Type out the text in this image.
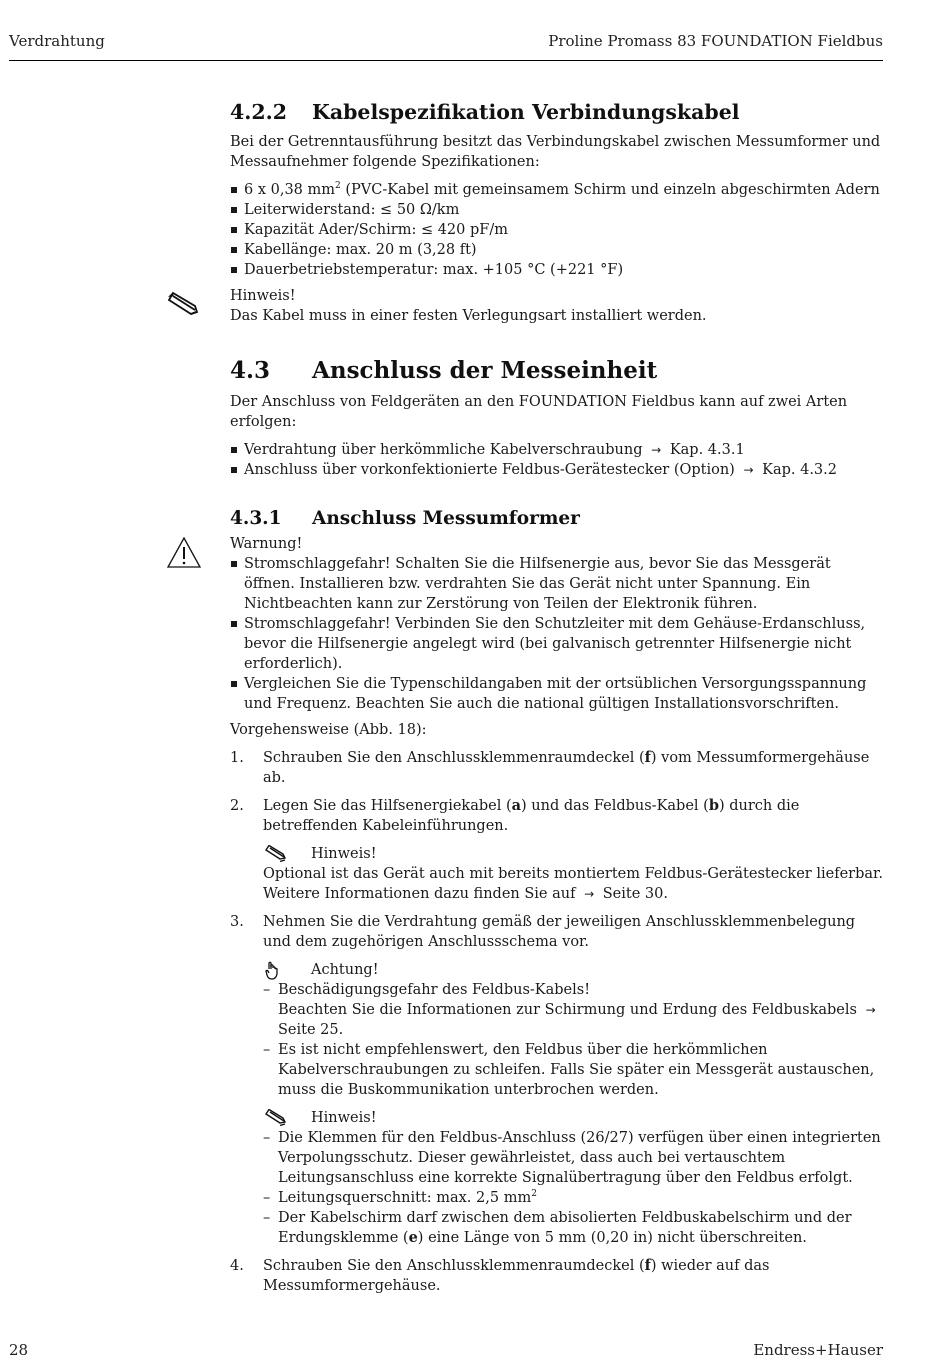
Verdrahtung	Proline Promass 83 FOUNDATION Fieldbus
4.2.2	Kabelspezifikation Verbindungskabel

Bei der Getrenntausführung besitzt das Verbindungskabel zwischen Messumformer und Messaufnehmer folgende Spezifikationen:

6 x 0,38 $mm^2$ (PVC-Kabel mit gemeinsamem Schirm und einzeln abgeschirmten Adern
Leiterwiderstand: ≤ 50 Ω/km
Kapazität Ader/Schirm: ≤ 420 pF/m
Kabellänge: max. 20 m (3,28 ft)
Dauerbetriebstemperatur: max. +105 °C (+221 °F)

Hinweis!

Das Kabel muss in einer festen Verlegungsart installiert werden.

4.3	Anschluss der Messeinheit

Der Anschluss von Feldgeräten an den FOUNDATION Fieldbus kann auf zwei Arten erfolgen:

Verdrahtung über herkömmliche Kabelverschraubung → Kap. 4.3.1
Anschluss über vorkonfektionierte Feldbus-Gerätestecker (Option) → Kap. 4.3.2
4.3.1	Anschluss Messumformer

Warnung!

Stromschlaggefahr! Schalten Sie die Hilfsenergie aus, bevor Sie das Messgerät öffnen. Installieren bzw. verdrahten Sie das Gerät nicht unter Spannung. Ein Nichtbeachten kann zur Zerstörung von Teilen der Elektronik führen.
Stromschlaggefahr! Verbinden Sie den Schutzleiter mit dem Gehäuse-Erdanschluss, bevor die Hilfsenergie angelegt wird (bei galvanisch getrennter Hilfsenergie nicht erforderlich).
Vergleichen Sie die Typenschildangaben mit der ortsüblichen Versorgungsspannung und Frequenz. Beachten Sie auch die national gültigen Installationsvorschriften.

Vorgehensweise (Abb. 18):

1. Schrauben Sie den Anschlussklemmenraumdeckel (f) vom Messumformergehäuse ab.
2. Legen Sie das Hilfsenergiekabel (a) und das Feldbus-Kabel (b) durch die betreffenden Kabeleinführungen.
Hinweis!
Optional ist das Gerät auch mit bereits montiertem Feldbus-Gerätestecker lieferbar. Weitere Informationen dazu finden Sie auf → Seite 30.
3. Nehmen Sie die Verdrahtung gemäß der jeweiligen Anschlussklemmenbelegung und dem zugehörigen Anschlussschema vor.
Achtung!
– Beschädigungsgefahr des Feldbus-Kabels!
Beachten Sie die Informationen zur Schirmung und Erdung des Feldbuskabels → Seite 25.
– Es ist nicht empfehlenswert, den Feldbus über die herkömmlichen Kabelverschraubungen zu schleifen. Falls Sie später ein Messgerät austauschen, muss die Buskommunikation unterbrochen werden.
Hinweis!
– Die Klemmen für den Feldbus-Anschluss (26/27) verfügen über einen integrierten Verpolungsschutz. Dieser gewährleistet, dass auch bei vertauschtem Leitungsanschluss eine korrekte Signalübertragung über den Feldbus erfolgt.
– Leitungsquerschnitt: max. 2,5 $mm^2$
– Der Kabelschirm darf zwischen dem abisolierten Feldbuskabelschirm und der Erdungsklemme (e) eine Länge von 5 mm (0,20 in) nicht überschreiten.
4. Schrauben Sie den Anschlussklemmenraumdeckel (f) wieder auf das Messumformergehäuse.
28	Endress+Hauser
